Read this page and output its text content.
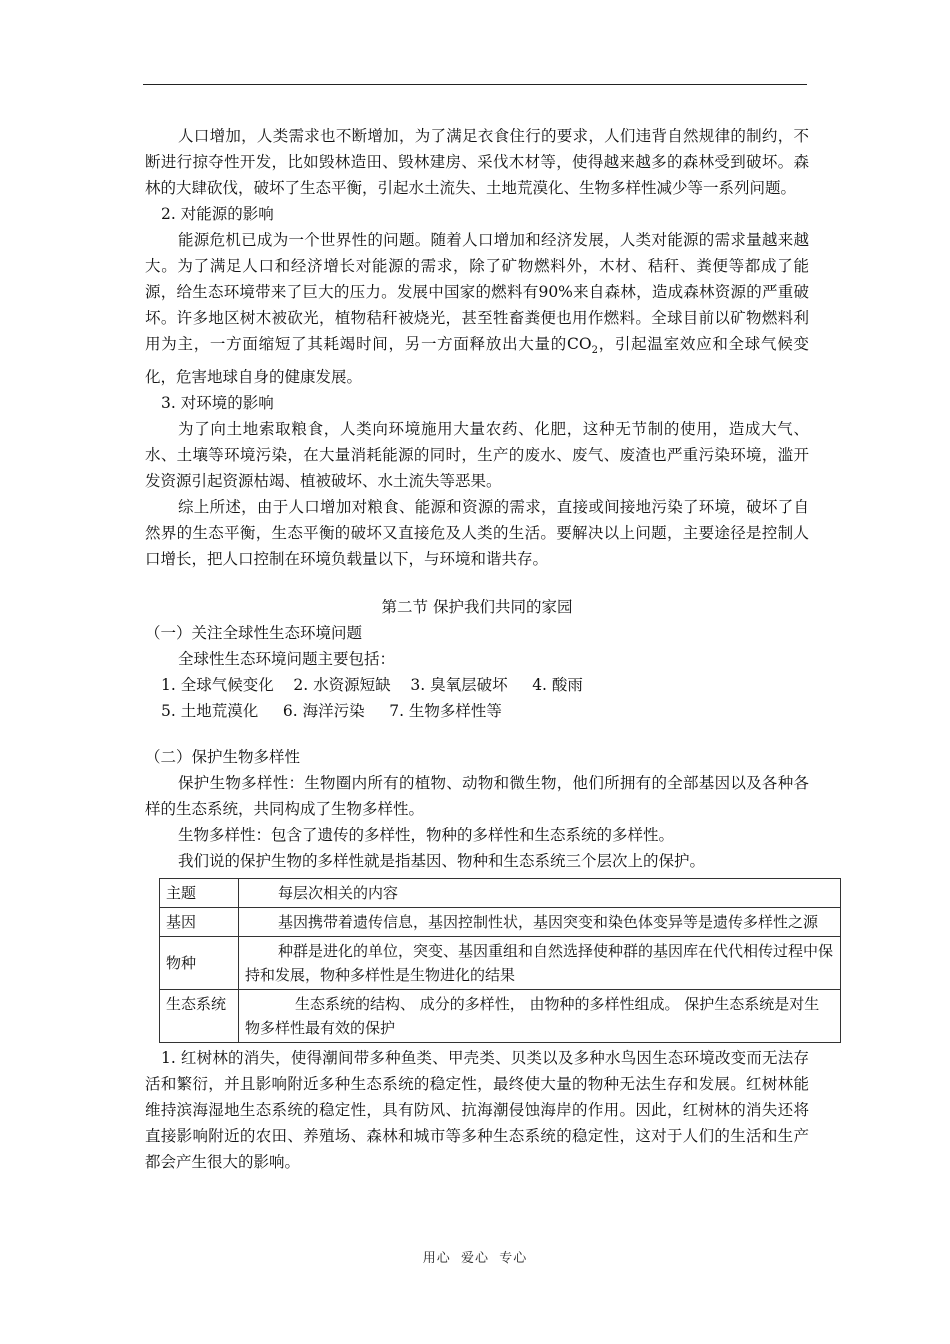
人口增加，人类需求也不断增加，为了满足衣食住行的要求，人们违背自然规律的制约，不断进行掠夺性开发，比如毁林造田、毁林建房、采伐木材等，使得越来越多的森林受到破坏。森林的大肆砍伐，破坏了生态平衡，引起水土流失、土地荒漠化、生物多样性减少等一系列问题。

2. 对能源的影响

能源危机已成为一个世界性的问题。随着人口增加和经济发展，人类对能源的需求量越来越大。为了满足人口和经济增长对能源的需求，除了矿物燃料外，木材、秸秆、粪便等都成了能源，给生态环境带来了巨大的压力。发展中国家的燃料有90%来自森林，造成森林资源的严重破坏。许多地区树木被砍光，植物秸秆被烧光，甚至牲畜粪便也用作燃料。全球目前以矿物燃料利用为主，一方面缩短了其耗竭时间，另一方面释放出大量的$CO_2$，引起温室效应和全球气候变化，危害地球自身的健康发展。

3. 对环境的影响

为了向土地索取粮食，人类向环境施用大量农药、化肥，这种无节制的使用，造成大气、水、土壤等环境污染，在大量消耗能源的同时，生产的废水、废气、废渣也严重污染环境，滥开发资源引起资源枯竭、植被破坏、水土流失等恶果。

综上所述，由于人口增加对粮食、能源和资源的需求，直接或间接地污染了环境，破坏了自然界的生态平衡，生态平衡的破坏又直接危及人类的生活。要解决以上问题，主要途径是控制人口增长，把人口控制在环境负载量以下，与环境和谐共存。

第二节 保护我们共同的家园

（一）关注全球性生态环境问题

全球性生态环境问题主要包括：

1. 全球气候变化    2. 水资源短缺    3. 臭氧层破坏     4. 酸雨

5. 土地荒漠化     6. 海洋污染     7. 生物多样性等

（二）保护生物多样性

保护生物多样性：生物圈内所有的植物、动物和微生物，他们所拥有的全部基因以及各种各样的生态系统，共同构成了生物多样性。

生物多样性：包含了遗传的多样性，物种的多样性和生态系统的多样性。

我们说的保护生物的多样性就是指基因、物种和生态系统三个层次上的保护。

主题	每层次相关的内容

基因	基因携带着遗传信息，基因控制性状，基因突变和染色体变异等是遗传多样性之源

物种	种群是进化的单位，突变、基因重组和自然选择使种群的基因库在代代相传过程中保持和发展，物种多样性是生物进化的结果

生态系统	生态系统的结构、 成分的多样性， 由物种的多样性组成。 保护生态系统是对生物多样性最有效的保护

1. 红树林的消失，使得潮间带多种鱼类、甲壳类、贝类以及多种水鸟因生态环境改变而无法存活和繁衍，并且影响附近多种生态系统的稳定性，最终使大量的物种无法生存和发展。红树林能维持滨海湿地生态系统的稳定性，具有防风、抗海潮侵蚀海岸的作用。因此，红树林的消失还将直接影响附近的农田、养殖场、森林和城市等多种生态系统的稳定性，这对于人们的生活和生产都会产生很大的影响。

用心  爱心  专心
